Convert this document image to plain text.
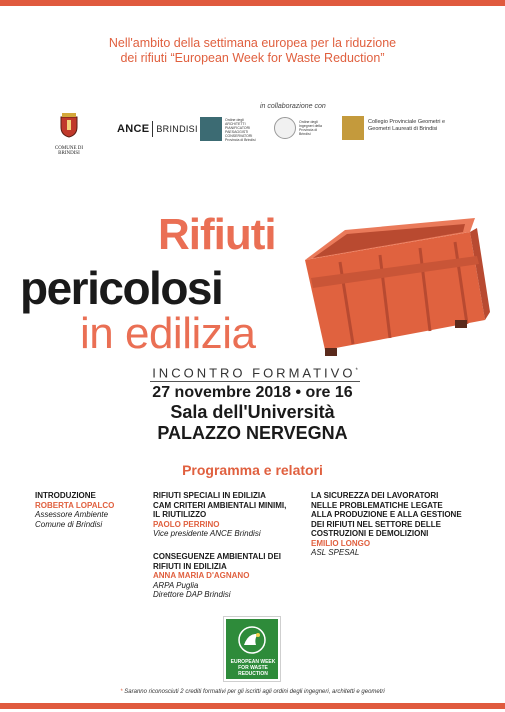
Nell'ambito della settimana europea per la riduzione
dei rifiuti “European Week for Waste Reduction”
in collaborazione con
COMUNE DI BRINDISI
ANCE BRINDISI
Ordine degli ARCHITETTI PIANIFICATORI PAESAGGISTI CONSERVATORI Provincia di Brindisi
Ordine degli Ingegneri della Provincia di Brindisi
Collegio Provinciale Geometri e Geometri Laureati di Brindisi
Rifiuti
pericolosi
in edilizia
INCONTRO FORMATIVO*
27 novembre 2018 • ore 16
Sala dell'Università
PALAZZO NERVEGNA
Programma e relatori
INTRODUZIONE
ROBERTA LOPALCO
Assessore Ambiente
Comune di Brindisi
RIFIUTI SPECIALI IN EDILIZIA
CAM CRITERI AMBIENTALI MINIMI,
IL RIUTILIZZO
PAOLO PERRINO
Vice presidente ANCE Brindisi
CONSEGUENZE AMBIENTALI DEI
RIFIUTI IN EDILIZIA
ANNA MARIA D'AGNANO
ARPA Puglia
Direttore DAP Brindisi
LA SICUREZZA DEI LAVORATORI
NELLE PROBLEMATICHE LEGATE
ALLA PRODUZIONE E ALLA GESTIONE
DEI RIFIUTI NEL SETTORE DELLE
COSTRUZIONI E DEMOLIZIONI
EMILIO LONGO
ASL SPESAL
EUROPEAN WEEK
FOR WASTE
REDUCTION
* Saranno riconosciuti 2 crediti formativi per gli iscritti agli ordini degli ingegneri, architetti e geometri
